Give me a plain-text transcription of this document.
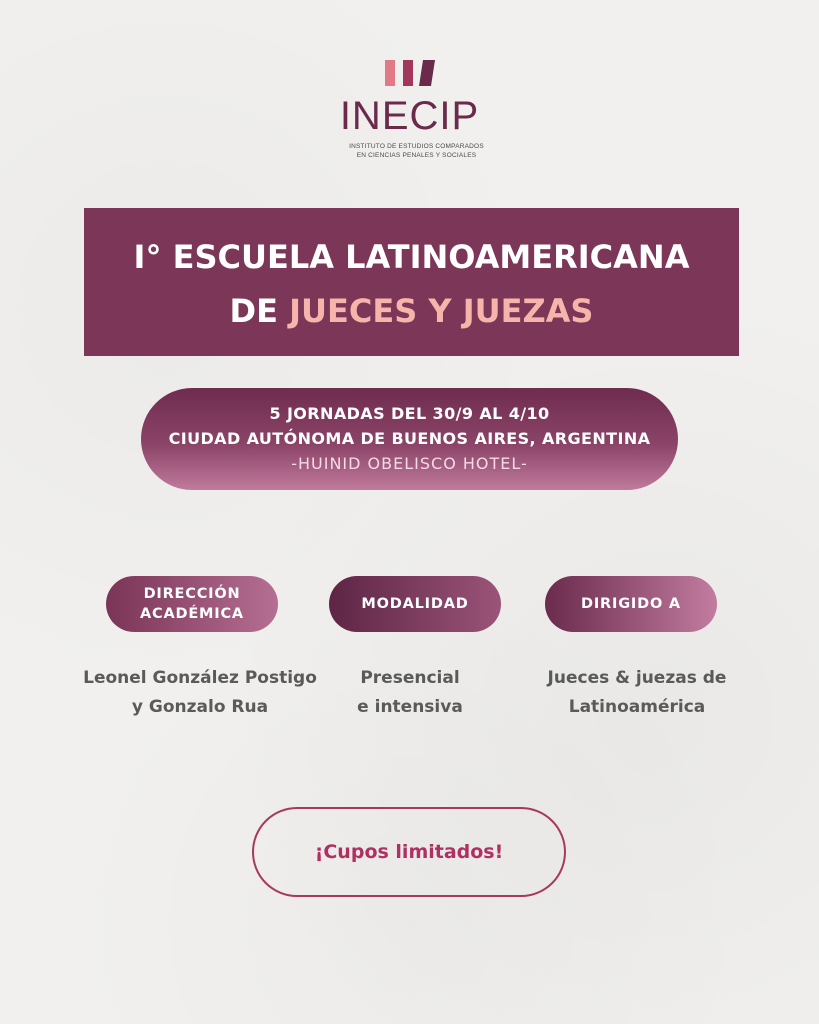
INECIP
INSTITUTO DE ESTUDIOS COMPARADOS
EN CIENCIAS PENALES Y SOCIALES
I° ESCUELA LATINOAMERICANA
DE JUECES Y JUEZAS
5 JORNADAS DEL 30/9 AL 4/10
CIUDAD AUTÓNOMA DE BUENOS AIRES, ARGENTINA
-HUINID OBELISCO HOTEL-
DIRECCIÓN
ACADÉMICA
MODALIDAD	DIRIGIDO A
Leonel González Postigo
y Gonzalo Rua
Presencial
e intensiva
Jueces & juezas de
Latinoamérica
¡Cupos limitados!
